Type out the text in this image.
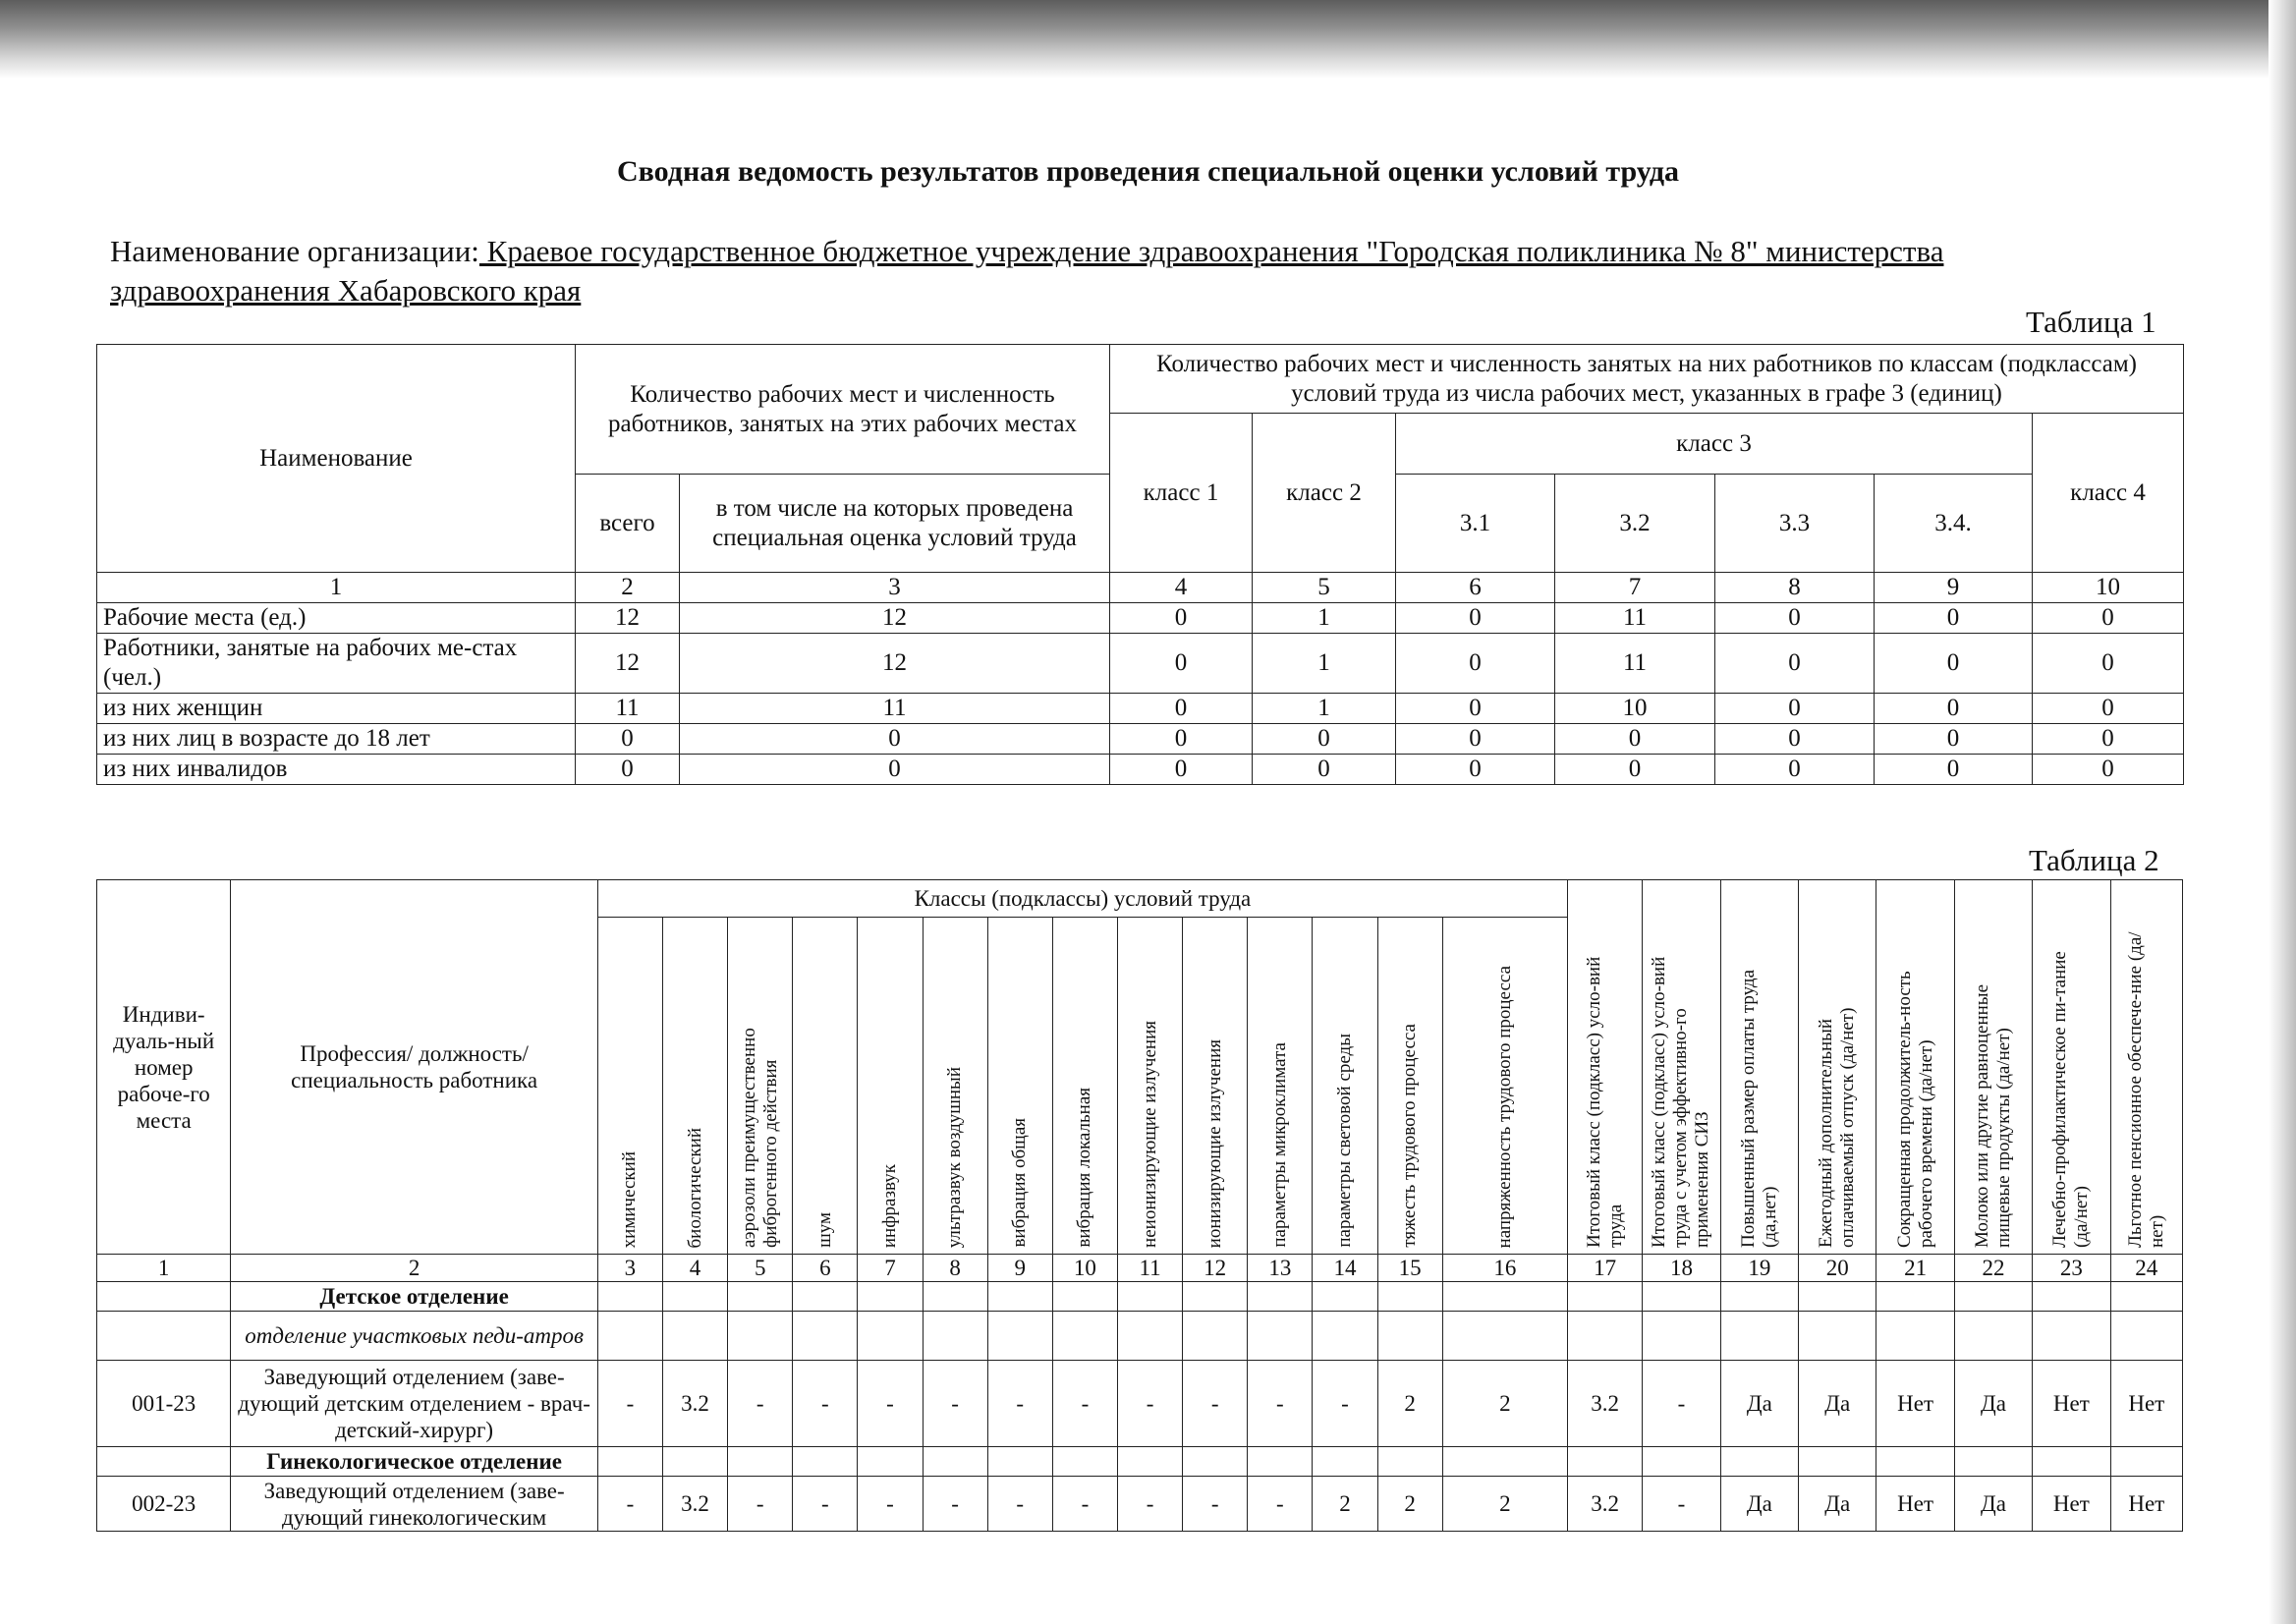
Сводная ведомость результатов проведения специальной оценки условий труда
Наименование организации: Краевое государственное бюджетное учреждение здравоохранения "Городская поликлиника № 8" министерства здравоохранения Хабаровского края
Таблица 1
Наименование	Количество рабочих мест и численность работников, занятых на этих рабочих местах		Количество рабочих мест и численность занятых на них работников по классам (подклассам) условий труда из числа рабочих мест, указанных в графе 3 (единиц)						
			класс 1	класс 2	класс 3				класс 4
	всего	в том числе на которых проведена специальная оценка условий труда			3.1	3.2	3.3	3.4.	
1	2	3	4	5	6	7	8	9	10
Рабочие места (ед.)	12	12	0	1	0	11	0	0	0
Работники, занятые на рабочих ме-стах (чел.)	12	12	0	1	0	11	0	0	0
из них женщин	11	11	0	1	0	10	0	0	0
из них лиц в возрасте до 18 лет	0	0	0	0	0	0	0	0	0
из них инвалидов	0	0	0	0	0	0	0	0	0
Таблица 2
Индиви-дуаль-ный номер рабоче-го места	Профессия/ должность/ специальность работника	Классы (подклассы) условий труда														Итоговый класс (подкласс) усло-вий труда	Итоговый класс (подкласс) усло-вий труда с учетом эффективно-го применения СИЗ	Повышенный размер оплаты труда (да,нет)	Ежегодный дополнительный оплачиваемый отпуск (да/нет)	Сокращенная продолжитель-ность рабочего времени (да/нет)	Молоко или другие равноценные пищевые продукты (да/нет)	Лечебно-профилактическое пи-тание (да/нет)	Льготное пенсионное обеспече-ние (да/нет)

		химический	биологический	аэрозоли преимущественно фиброгенного действия	шум	инфразвук	ультразвук воздушный	вибрация общая	вибрация локальная	неионизирующие излучения	ионизирующие излучения	параметры микроклимата	параметры световой среды	тяжесть трудового процесса	напряженность трудового процесса								

1	2	3	4	5	6	7	8	9	10	11	12	13	14	15	16	17	18	19	20	21	22	23	24
	Детское отделение																						
	отделение участковых педи-атров																						
001-23	Заведующий отделением (заве-дующий детским отделением - врач-детский-хирург)	-	3.2	-	-	-	-	-	-	-	-	-	-	2	2	3.2	-	Да	Да	Нет	Да	Нет	Нет
	Гинекологическое отделение																						
002-23	Заведующий отделением (заве-дующий гинекологическим	-	3.2	-	-	-	-	-	-	-	-	-	2	2	2	3.2	-	Да	Да	Нет	Да	Нет	Нет
